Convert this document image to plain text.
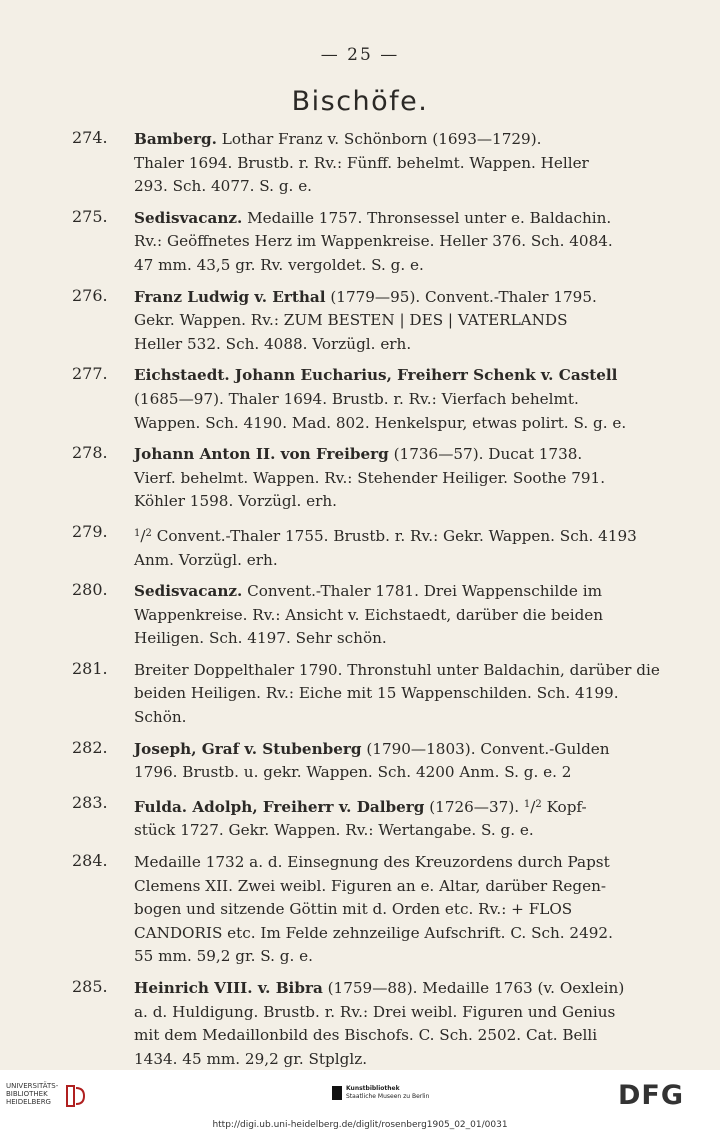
— 25 —
Bischöfe.
274. Bamberg. Lothar Franz v. Schönborn (1693—1729).
Thaler 1694. Brustb. r. Rv.: Fünff. behelmt. Wappen. Heller
293. Sch. 4077. S. g. e.
275. Sedisvacanz. Medaille 1757. Thronsessel unter e. Baldachin.
Rv.: Geöffnetes Herz im Wappenkreise. Heller 376. Sch. 4084.
47 mm. 43,5 gr. Rv. vergoldet. S. g. e.
276. Franz Ludwig v. Erthal (1779—95). Convent.-Thaler 1795.
Gekr. Wappen. Rv.: ZUM BESTEN | DES | VATERLANDS
Heller 532. Sch. 4088. Vorzügl. erh.
277. Eichstaedt. Johann Eucharius, Freiherr Schenk v. Castell
(1685—97). Thaler 1694. Brustb. r. Rv.: Vierfach behelmt.
Wappen. Sch. 4190. Mad. 802. Henkelspur, etwas polirt. S. g. e.
278. Johann Anton II. von Freiberg (1736—57). Ducat 1738.
Vierf. behelmt. Wappen. Rv.: Stehender Heiliger. Soothe 791.
Köhler 1598. Vorzügl. erh.
279.	$^1$/$^2$ Convent.-Thaler 1755. Brustb. r. Rv.: Gekr. Wappen. Sch. 4193
Anm. Vorzügl. erh.
280. Sedisvacanz. Convent.-Thaler 1781. Drei Wappenschilde im
Wappenkreise. Rv.: Ansicht v. Eichstaedt, darüber die beiden
Heiligen. Sch. 4197. Sehr schön.
281. Breiter Doppelthaler 1790. Thronstuhl unter Baldachin, darüber die
beiden Heiligen. Rv.: Eiche mit 15 Wappenschilden. Sch. 4199.
Schön.
282. Joseph, Graf v. Stubenberg (1790—1803). Convent.-Gulden
1796. Brustb. u. gekr. Wappen. Sch. 4200 Anm. S. g. e. 2
283. Fulda. Adolph, Freiherr v. Dalberg (1726—37). $^1$/$^2$ Kopf-
stück 1727. Gekr. Wappen. Rv.: Wertangabe. S. g. e.
284. Medaille 1732 a. d. Einsegnung des Kreuzordens durch Papst
Clemens XII. Zwei weibl. Figuren an e. Altar, darüber Regen-
bogen und sitzende Göttin mit d. Orden etc. Rv.: + FLOS
CANDORIS etc. Im Felde zehnzeilige Aufschrift. C. Sch. 2492.
55 mm. 59,2 gr. S. g. e.
285. Heinrich VIII. v. Bibra (1759—88). Medaille 1763 (v. Oexlein)
a. d. Huldigung. Brustb. r. Rv.: Drei weibl. Figuren und Genius
mit dem Medaillonbild des Bischofs. C. Sch. 2502. Cat. Belli
1434. 45 mm. 29,2 gr. Stplglz.
UNIVERSITÄTS-
BIBLIOTHEK
HEIDELBERG
Kunstbibliothek
Staatliche Museen zu Berlin	DFG
http://digi.ub.uni-heidelberg.de/diglit/rosenberg1905_02_01/0031
